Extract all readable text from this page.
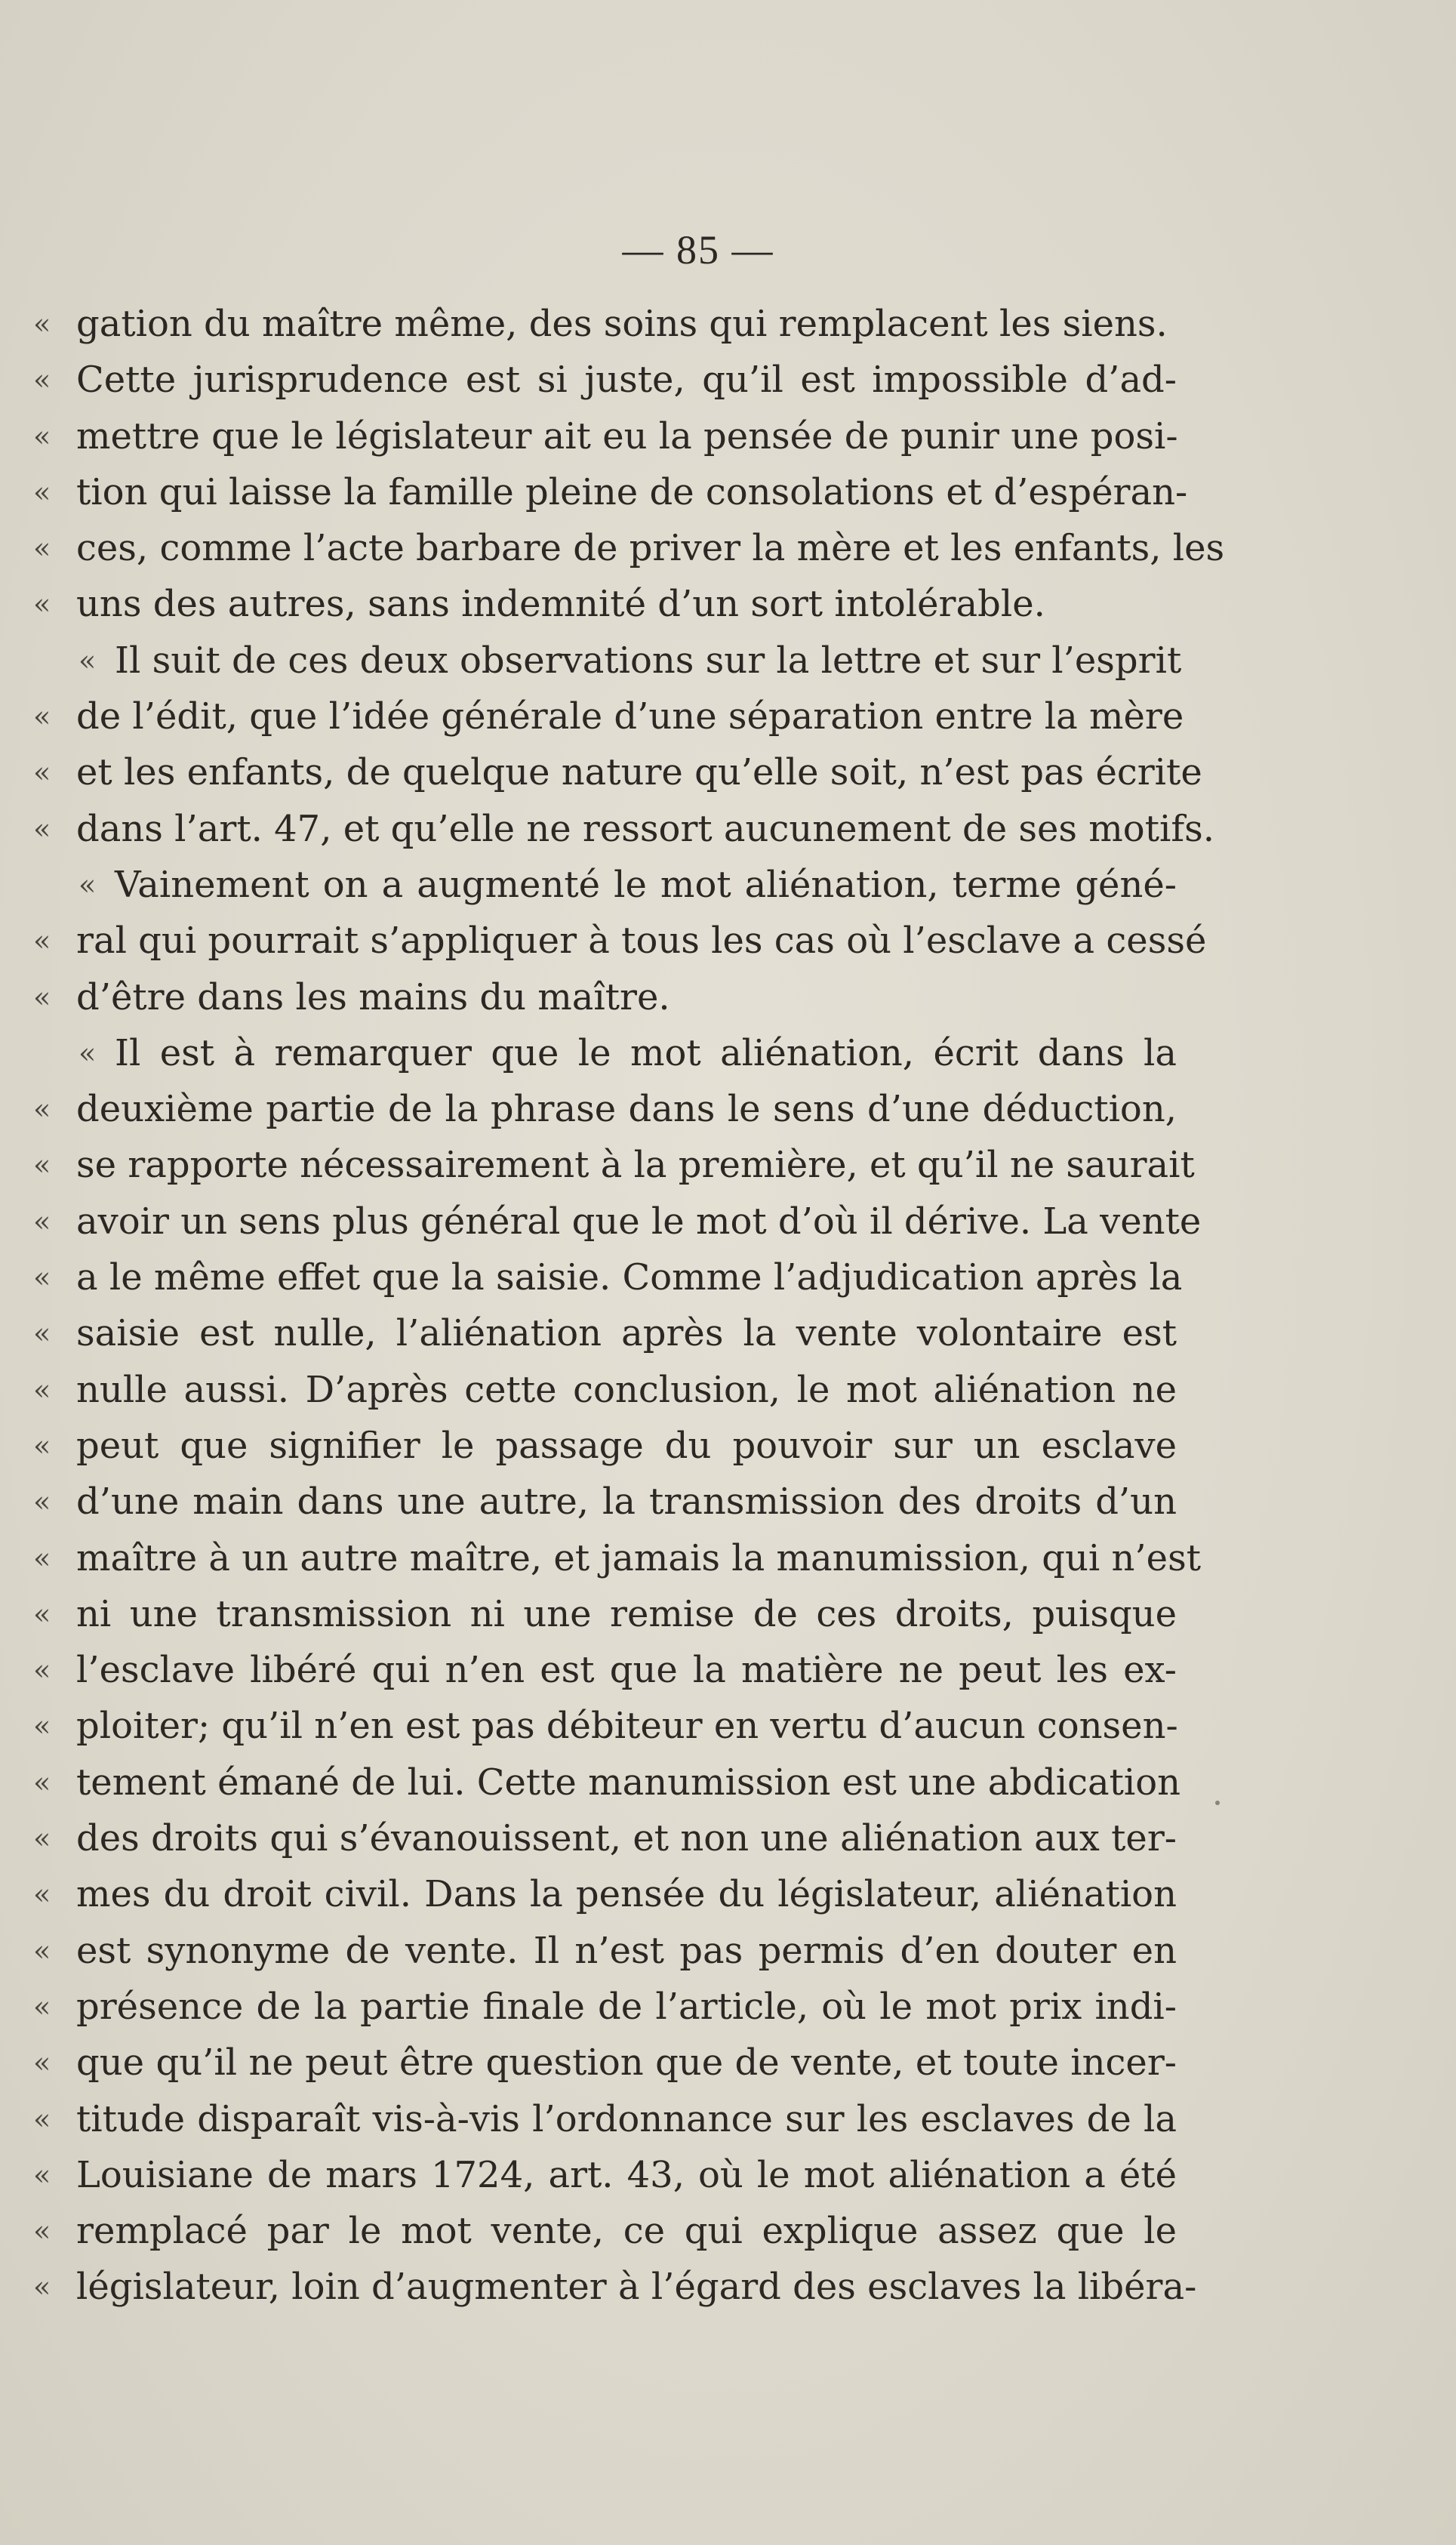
— 85 —
« gation du maître même, des soins qui remplacent les siens.
« Cette jurisprudence est si juste, qu’il est impossible d’ad-
« mettre que le législateur ait eu la pensée de punir une posi-
« tion qui laisse la famille pleine de consolations et d’espéran-
« ces, comme l’acte barbare de priver la mère et les enfants, les
« uns des autres, sans indemnité d’un sort intolérable.
« Il suit de ces deux observations sur la lettre et sur l’esprit
« de l’édit, que l’idée générale d’une séparation entre la mère
« et les enfants, de quelque nature qu’elle soit, n’est pas écrite
« dans l’art. 47, et qu’elle ne ressort aucunement de ses motifs.
« Vainement on a augmenté le mot aliénation, terme géné-
« ral qui pourrait s’appliquer à tous les cas où l’esclave a cessé
« d’être dans les mains du maître.
« Il est à remarquer que le mot aliénation, écrit dans la
« deuxième partie de la phrase dans le sens d’une déduction,
« se rapporte nécessairement à la première, et qu’il ne saurait
« avoir un sens plus général que le mot d’où il dérive. La vente
« a le même effet que la saisie. Comme l’adjudication après la
« saisie est nulle, l’aliénation après la vente volontaire est
« nulle aussi. D’après cette conclusion, le mot aliénation ne
« peut que signifier le passage du pouvoir sur un esclave
« d’une main dans une autre, la transmission des droits d’un
« maître à un autre maître, et jamais la manumission, qui n’est
« ni une transmission ni une remise de ces droits, puisque
« l’esclave libéré qui n’en est que la matière ne peut les ex-
« ploiter; qu’il n’en est pas débiteur en vertu d’aucun consen-
« tement émané de lui. Cette manumission est une abdication
« des droits qui s’évanouissent, et non une aliénation aux ter-
« mes du droit civil. Dans la pensée du législateur, aliénation
« est synonyme de vente. Il n’est pas permis d’en douter en
« présence de la partie finale de l’article, où le mot prix indi-
« que qu’il ne peut être question que de vente, et toute incer-
« titude disparaît vis-à-vis l’ordonnance sur les esclaves de la
« Louisiane de mars 1724, art. 43, où le mot aliénation a été
« remplacé par le mot vente, ce qui explique assez que le
« législateur, loin d’augmenter à l’égard des esclaves la libéra-
